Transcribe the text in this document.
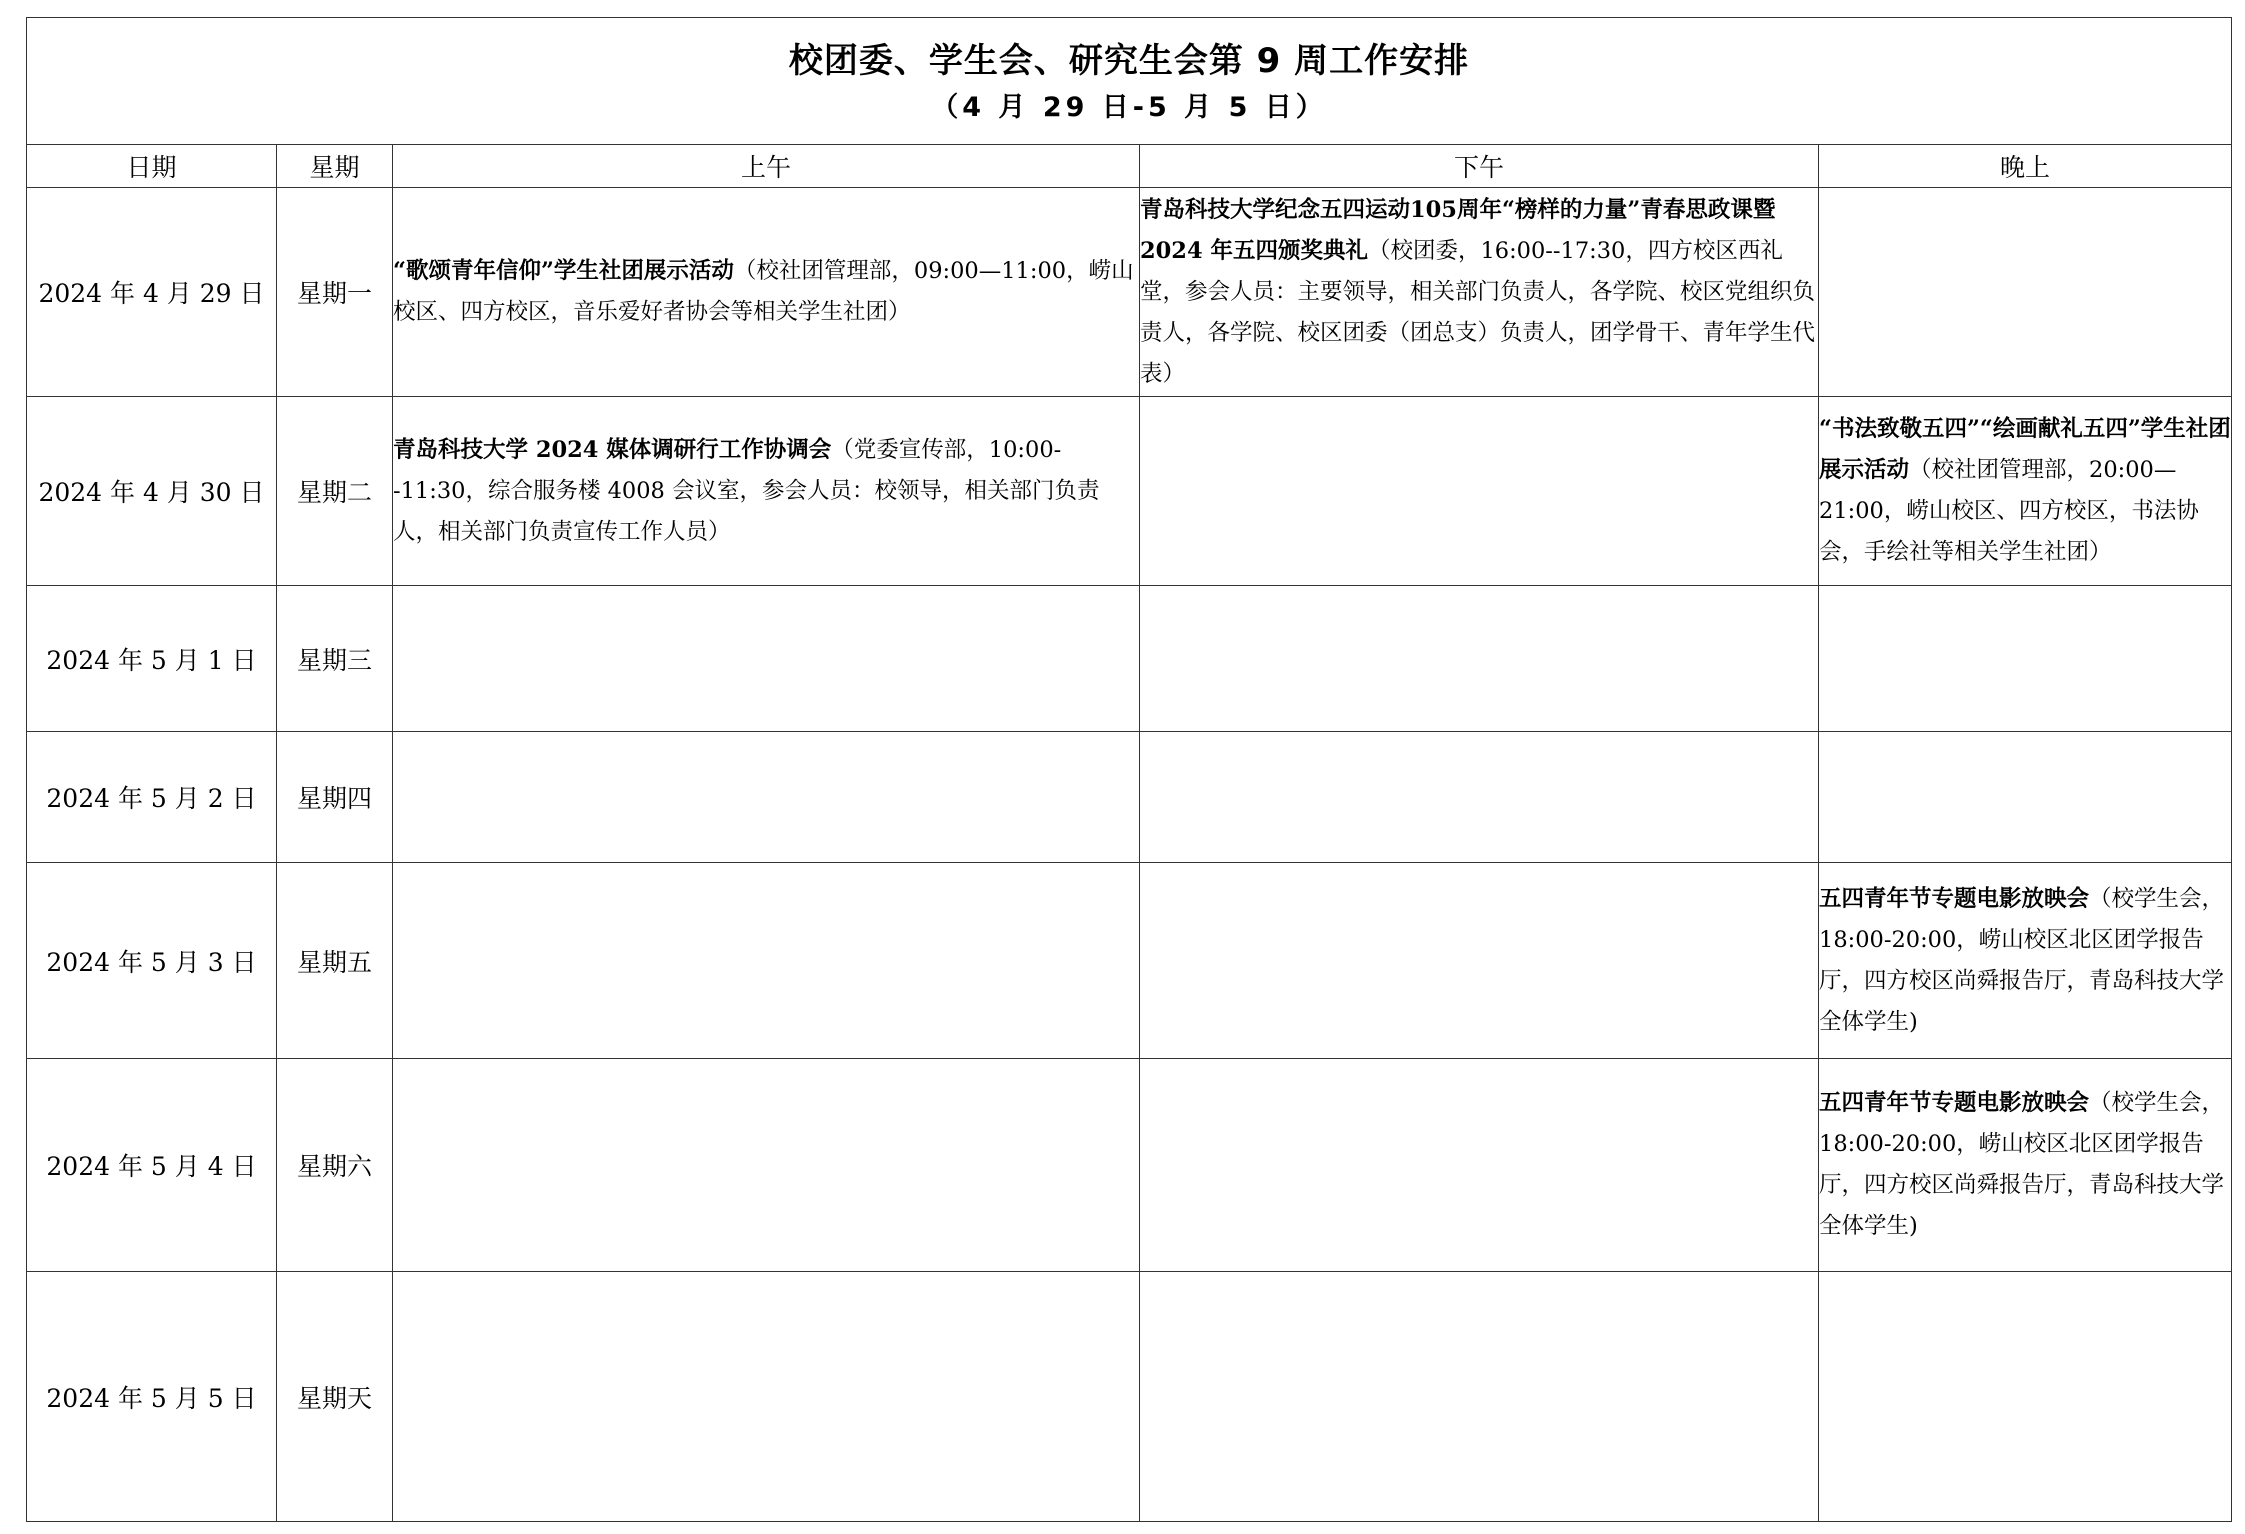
校团委、学生会、研究生会第 9 周工作安排
（4 月 29 日-5 月 5 日）				

日期	星期	上午	下午	晚上
2024 年 4 月 29 日	星期一	“歌颂青年信仰”学生社团展示活动（校社团管理部，09:00—11:00，崂山校区、四方校区，音乐爱好者协会等相关学生社团）	青岛科技大学纪念五四运动105周年“榜样的力量”青春思政课暨 2024 年五四颁奖典礼（校团委，16:00--17:30，四方校区西礼堂，参会人员：主要领导，相关部门负责人，各学院、校区党组织负责人，各学院、校区团委（团总支）负责人，团学骨干、青年学生代表）	
2024 年 4 月 30 日	星期二	青岛科技大学 2024 媒体调研行工作协调会（党委宣传部，10:00--11:30，综合服务楼 4008 会议室，参会人员：校领导，相关部门负责人，相关部门负责宣传工作人员）		“书法致敬五四”“绘画献礼五四”学生社团展示活动（校社团管理部，20:00—21:00，崂山校区、四方校区，书法协会，手绘社等相关学生社团）
2024 年 5 月 1 日	星期三			
2024 年 5 月 2 日	星期四			
2024 年 5 月 3 日	星期五			五四青年节专题电影放映会（校学生会，18:00-20:00，崂山校区北区团学报告厅，四方校区尚舜报告厅，青岛科技大学全体学生)
2024 年 5 月 4 日	星期六			五四青年节专题电影放映会（校学生会，18:00-20:00，崂山校区北区团学报告厅，四方校区尚舜报告厅，青岛科技大学全体学生)
2024 年 5 月 5 日	星期天			
